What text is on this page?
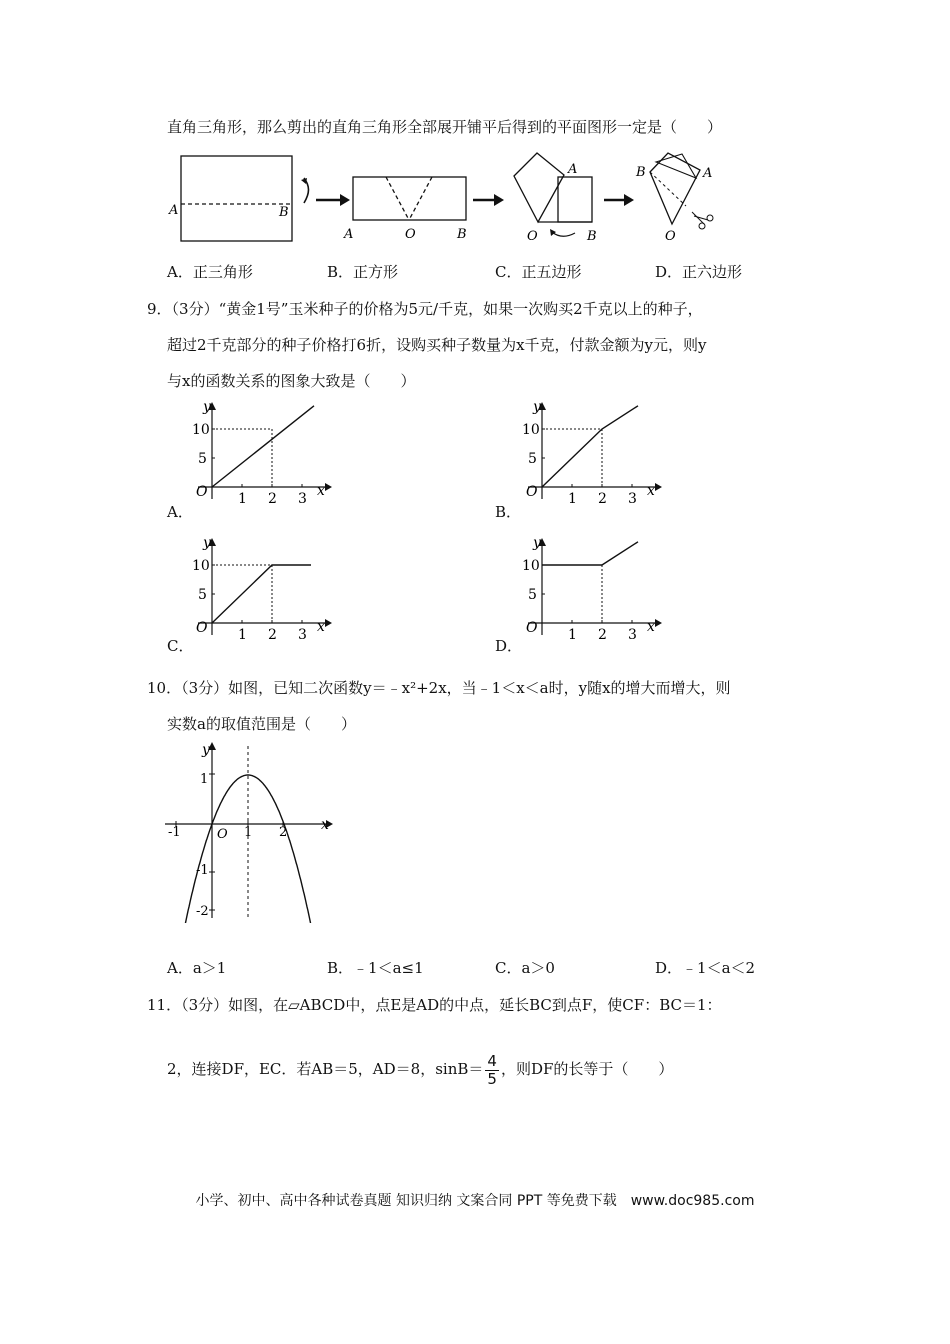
直角三角形，那么剪出的直角三角形全部展开铺平后得到的平面图形一定是（　　）
A	B
A	O	B
A
O	B
B	A
O
A．正三角形	B．正方形	C．正五边形	D．正六边形
9．（3分）“黄金1号”玉米种子的价格为5元/千克，如果一次购买2千克以上的种子，
超过2千克部分的种子价格打6折，设购买种子数量为x千克，付款金额为y元，则y
与x的函数关系的图象大致是（　　）
y
x
O 1 2 3
10
5
y
x
O 1 2 3
10
5
y
x
O 1 2 3
10
5
y
x
O 1 2 3
10
5
A．	B．
C．	D．
10．（3分）如图，已知二次函数y＝﹣x²+2x，当﹣1＜x＜a时，y随x的增大而增大，则
实数a的取值范围是（　　）
y
x
O
1
-1
-2
-1	1 2
A．a＞1	B．﹣1＜a≤1	C．a＞0	D．﹣1＜a＜2
11．（3分）如图，在▱ABCD中，点E是AD的中点，延长BC到点F，使CF：BC＝1：
2，连接DF，EC．若AB＝5，AD＝8，$\sin B= \frac{4}{5}$ ，则DF的长等于（　　）
小学、初中、高中各种试卷真题 知识归纳 文案合同 PPT 等免费下载　www.doc985.com
